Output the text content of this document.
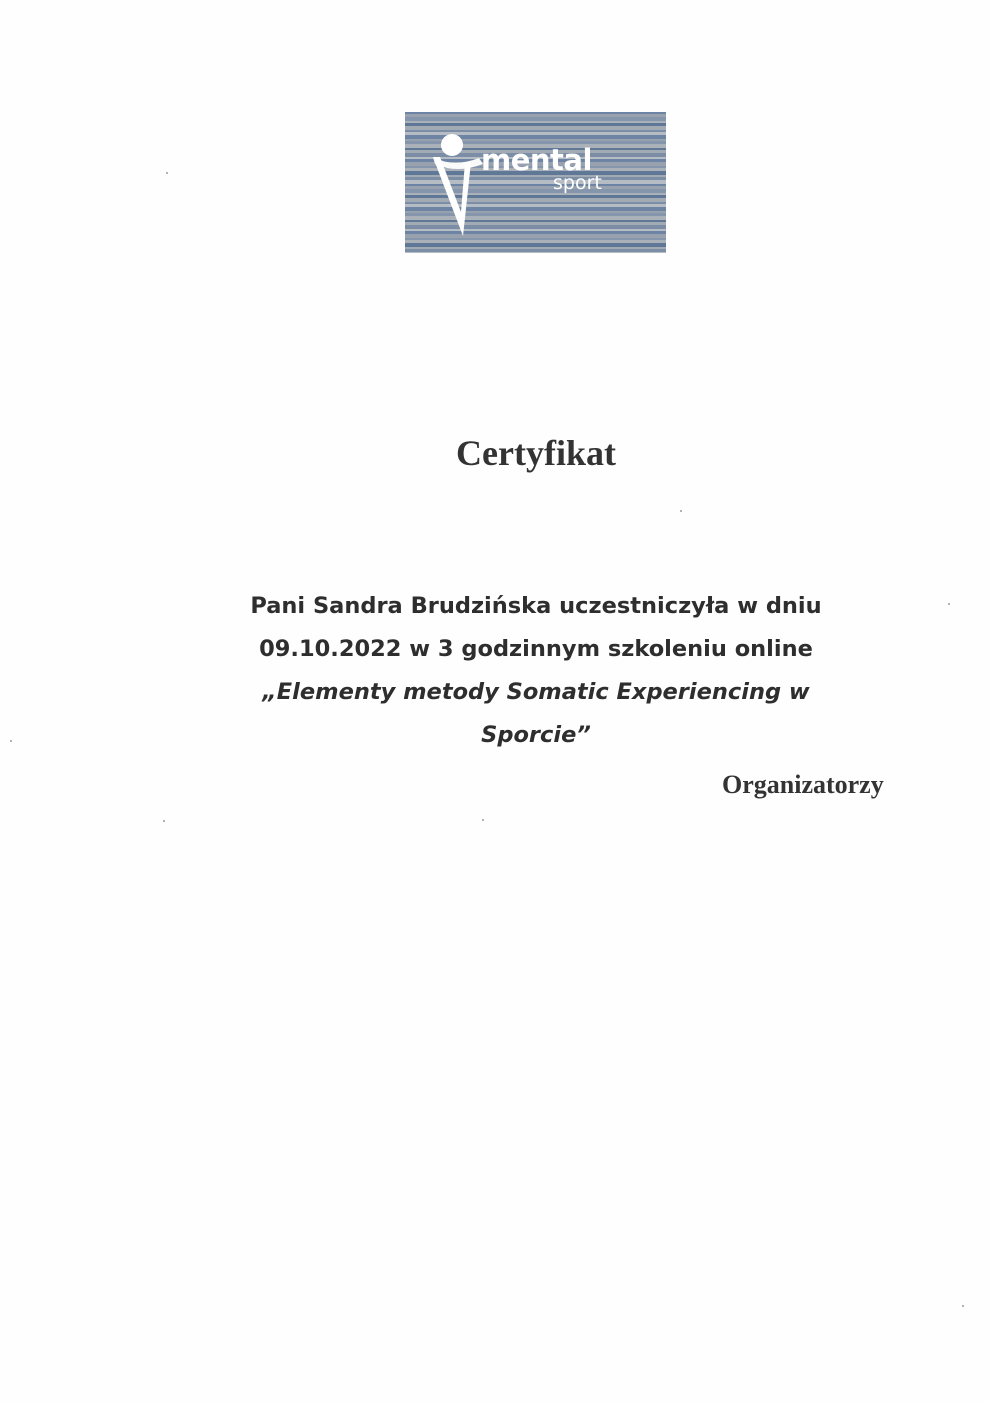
mental
sport
Certyfikat
Pani Sandra Brudzińska uczestniczyła w dniu
09.10.2022 w 3 godzinnym szkoleniu online
„Elementy metody Somatic Experiencing w
Sporcie”
Organizatorzy
